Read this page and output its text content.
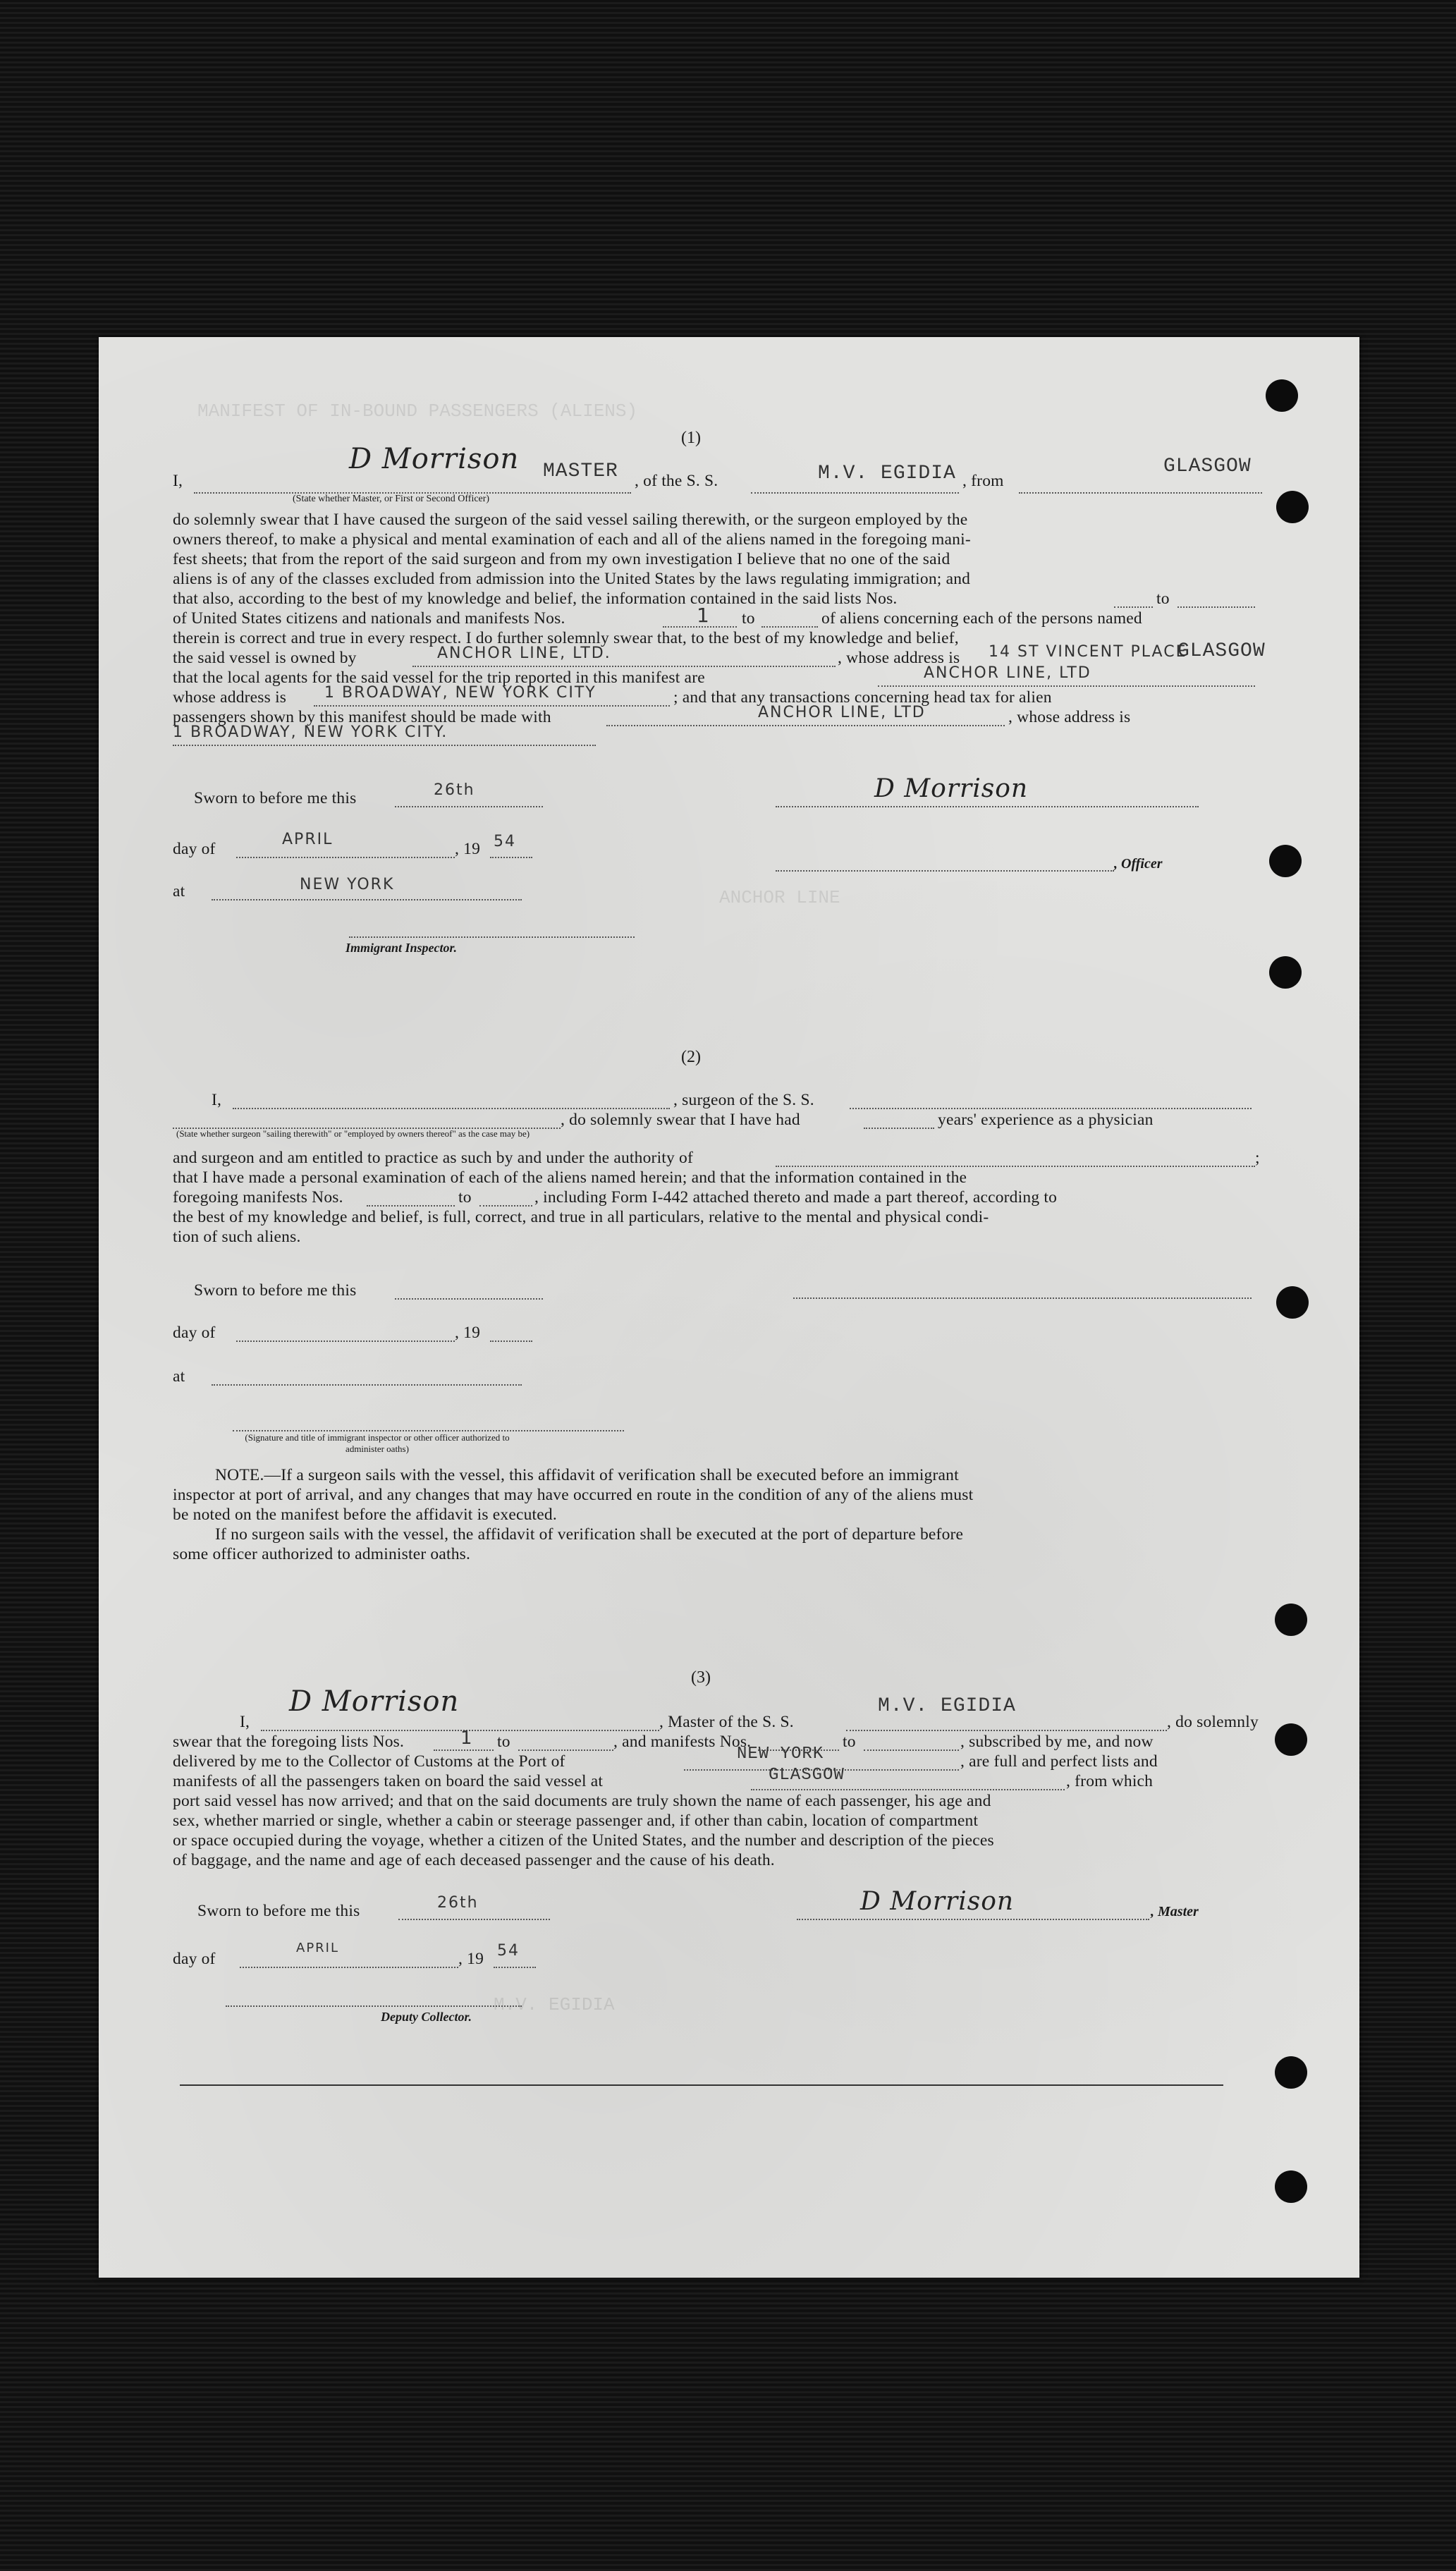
MANIFEST OF IN-BOUND PASSENGERS (ALIENS)
ANCHOR LINE
M.V. EGIDIA
(1)
I,
D Morrison MASTER , of the S. S.	M.V. EGIDIA , from
GLASGOW
(State whether Master, or First or Second Officer)
do solemnly swear that I have caused the surgeon of the said vessel sailing therewith, or the surgeon employed by the
owners thereof, to make a physical and mental examination of each and all of the aliens named in the foregoing mani-
fest sheets; that from the report of the said surgeon and from my own investigation I believe that no one of the said
aliens is of any of the classes excluded from admission into the United States by the laws regulating immigration; and
that also, according to the best of my knowledge and belief, the information contained in the said lists Nos.	to
of United States citizens and nationals and manifests Nos.	1 to	of aliens concerning each of the persons named
therein is correct and true in every respect. I do further solemnly swear that, to the best of my knowledge and belief,
the said vessel is owned by	ANCHOR LINE, LTD.	, whose address is 14 ST VINCENT PLACE
GLASGOW
that the local agents for the said vessel for the trip reported in this manifest are	ANCHOR LINE, LTD
whose address is 1 BROADWAY, NEW YORK CITY	; and that any transactions concerning head tax for alien
passengers shown by this manifest should be made with	ANCHOR LINE, LTD	, whose address is
1 BROADWAY, NEW YORK CITY.
Sworn to before me this	26th	D Morrison
day of
APRIL
, 19 54
, Officer
at	NEW YORK
Immigrant Inspector.
(2)
I,	, surgeon of the S. S.
, do solemnly swear that I have had	years' experience as a physician
(State whether surgeon "sailing therewith" or "employed by owners thereof" as the case may be)
and surgeon and am entitled to practice as such by and under the authority of	;
that I have made a personal examination of each of the aliens named herein; and that the information contained in the
foregoing manifests Nos.	to	, including Form I-442 attached thereto and made a part thereof, according to
the best of my knowledge and belief, is full, correct, and true in all particulars, relative to the mental and physical condi-
tion of such aliens.
Sworn to before me this
day of	, 19
at
(Signature and title of immigrant inspector or other officer authorized to administer oaths)
NOTE.—If a surgeon sails with the vessel, this affidavit of verification shall be executed before an immigrant
inspector at port of arrival, and any changes that may have occurred en route in the condition of any of the aliens must
be noted on the manifest before the affidavit is executed.
If no surgeon sails with the vessel, the affidavit of verification shall be executed at the port of departure before
some officer authorized to administer oaths.
(3)
I,
D Morrison
, Master of the S. S.
M.V. EGIDIA
, do solemnly
swear that the foregoing lists Nos.	1 to	, and manifests Nos.	to	, subscribed by me, and now
delivered by me to the Collector of Customs at the Port of	NEW YORK	, are full and perfect lists and
manifests of all the passengers taken on board the said vessel at	GLASGOW	, from which
port said vessel has now arrived; and that on the said documents are truly shown the name of each passenger, his age and
sex, whether married or single, whether a cabin or steerage passenger and, if other than cabin, location of compartment
or space occupied during the voyage, whether a citizen of the United States, and the number and description of the pieces
of baggage, and the name and age of each deceased passenger and the cause of his death.
Sworn to before me this	26th	D Morrison	, Master
day of
APRIL
, 19 54
Deputy Collector.
